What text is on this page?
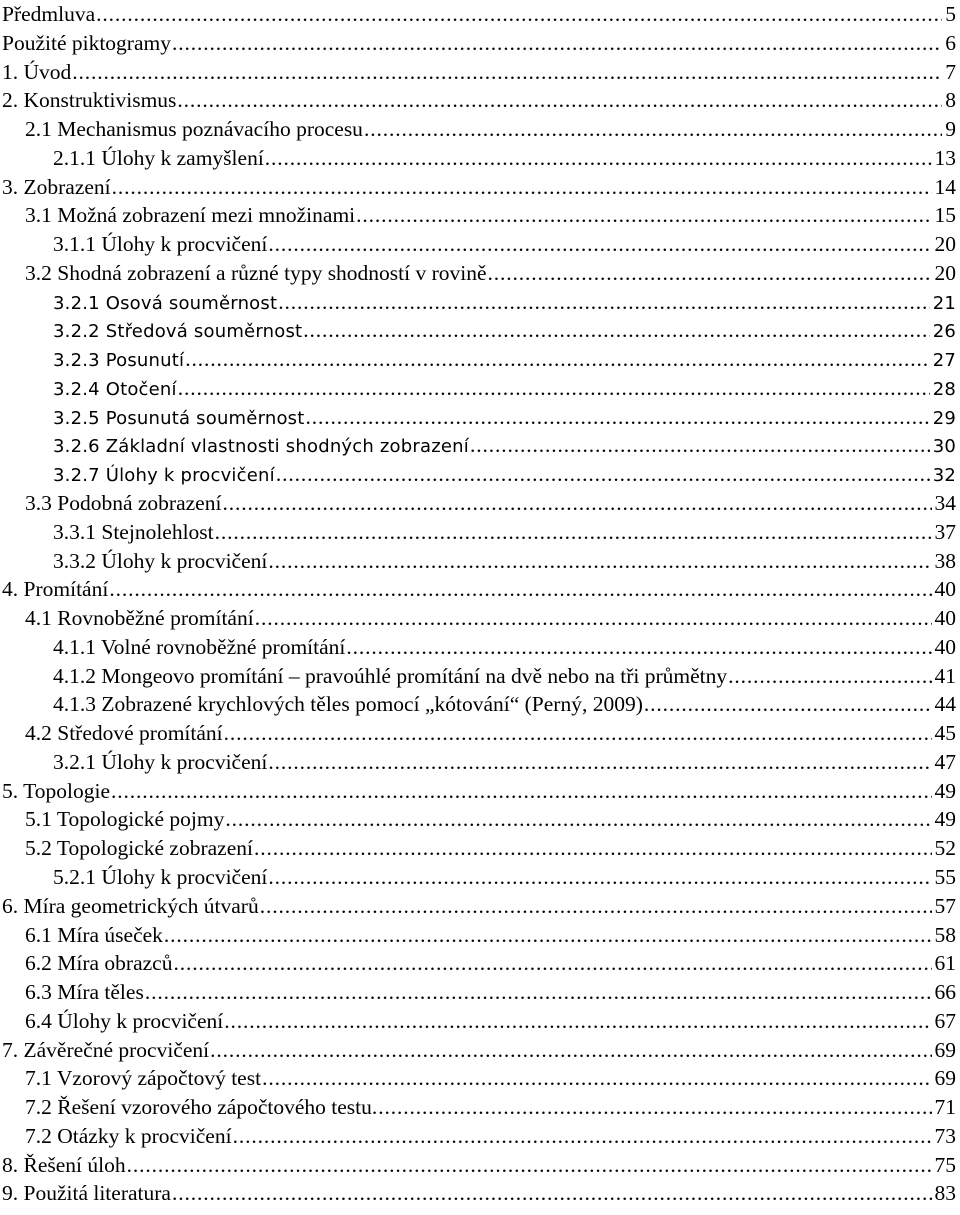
Předmluva . . .	5
Použité piktogramy . . .	6
1. Úvod . . .	7
2. Konstruktivismus . . .	8
2.1 Mechanismus poznávacího procesu . . .	9
2.1.1 Úlohy k zamyšlení . . .	13
3. Zobrazení . . .	14
3.1 Možná zobrazení mezi množinami . . .	15
3.1.1 Úlohy k procvičení . . .	20
3.2 Shodná zobrazení a různé typy shodností v rovině . . .	20
3.2.1 Osová souměrnost . . .	21
3.2.2 Středová souměrnost . . .	26
3.2.3 Posunutí . . .	27
3.2.4 Otočení . . .	28
3.2.5 Posunutá souměrnost . . .	29
3.2.6 Základní vlastnosti shodných zobrazení . . .	30
3.2.7 Úlohy k procvičení . . .	32
3.3 Podobná zobrazení . . .	34
3.3.1 Stejnolehlost . . .	37
3.3.2 Úlohy k procvičení . . .	38
4. Promítání . . .	40
4.1 Rovnoběžné promítání . . .	40
4.1.1 Volné rovnoběžné promítání . . .	40
4.1.2 Mongeovo promítání – pravoúhlé promítání na dvě nebo na tři průmětny . . .	41
4.1.3 Zobrazené krychlových těles pomocí „kótování“ (Perný, 2009) . . .	44
4.2 Středové promítání . . .	45
3.2.1 Úlohy k procvičení . . .	47
5. Topologie . . .	49
5.1 Topologické pojmy . . .	49
5.2 Topologické zobrazení . . .	52
5.2.1 Úlohy k procvičení . . .	55
6. Míra geometrických útvarů . . .	57
6.1 Míra úseček . . .	58
6.2 Míra obrazců . . .	61
6.3 Míra těles . . .	66
6.4 Úlohy k procvičení . . .	67
7. Závěrečné procvičení . . .	69
7.1 Vzorový zápočtový test . . .	69
7.2 Řešení vzorového zápočtového testu. . . .	71
7.2 Otázky k procvičení . . .	73
8. Řešení úloh . . .	75
9. Použitá literatura . . .	83
